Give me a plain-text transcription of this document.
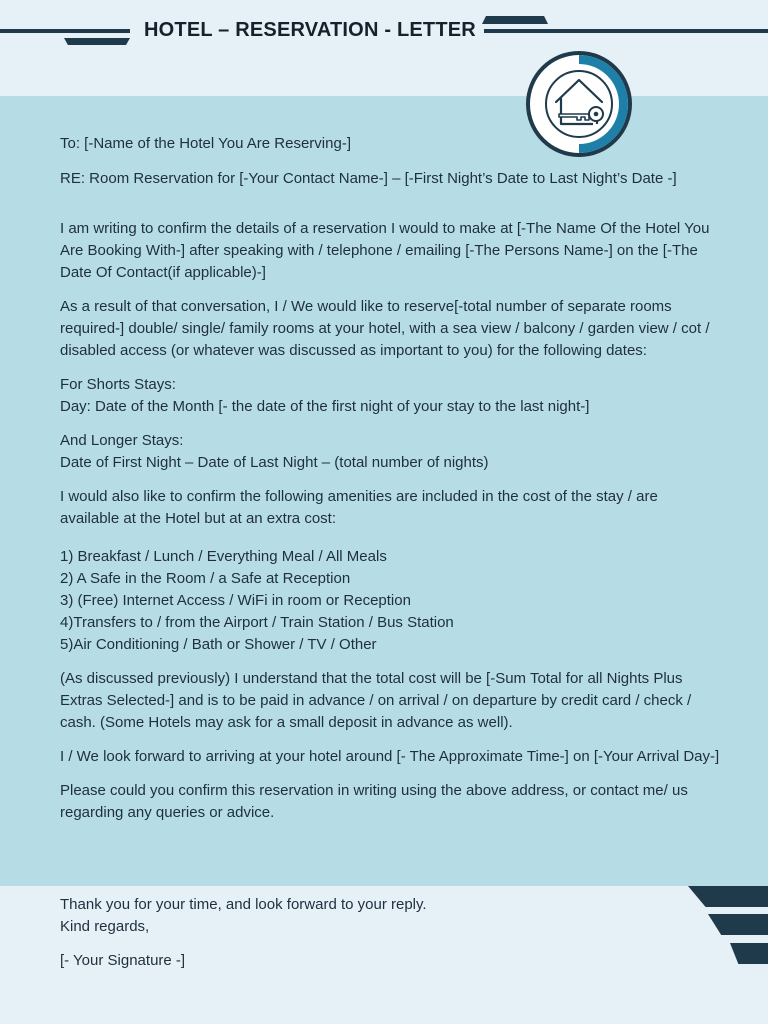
HOTEL – RESERVATION - LETTER

To: [-Name of the Hotel You Are Reserving-]

RE: Room Reservation for [-Your Contact Name-] – [-First Night’s Date to Last Night’s Date -]

I am writing to confirm the details of a reservation I would to make at [-The Name Of the Hotel You Are Booking With-] after speaking with / telephone / emailing [-The Persons Name-] on the [-The Date Of Contact(if applicable)-]

As a result of that conversation, I / We would like to reserve[-total number of separate rooms required-] double/ single/ family rooms at your hotel, with a sea view / balcony / garden view / cot / disabled access (or whatever was discussed as important to you) for the following dates:

For Shorts Stays:

Day: Date of the Month [- the date of the first night of your stay to the last night-]

And Longer Stays:

Date of First Night – Date of Last Night – (total number of nights)

I would also like to confirm the following amenities are included in the cost of the stay / are available at the Hotel but at an extra cost:

1) Breakfast / Lunch / Everything Meal / All Meals
2) A Safe in the Room / a Safe at Reception
3) (Free) Internet Access / WiFi in room or Reception
4)Transfers to / from the Airport / Train Station / Bus Station
5)Air Conditioning / Bath or Shower / TV / Other

(As discussed previously) I understand that the total cost will be [-Sum Total for all Nights Plus Extras Selected-] and is to be paid in advance / on arrival / on departure by credit card / check / cash. (Some Hotels may ask for a small deposit in advance as well).

I / We look forward to arriving at your hotel around [- The Approximate Time-] on [-Your Arrival Day-]

Please could you confirm this reservation in writing using the above address, or contact me/ us regarding any queries or advice.

Thank you for your time, and look forward to your reply.

Kind regards,

[- Your Signature -]
